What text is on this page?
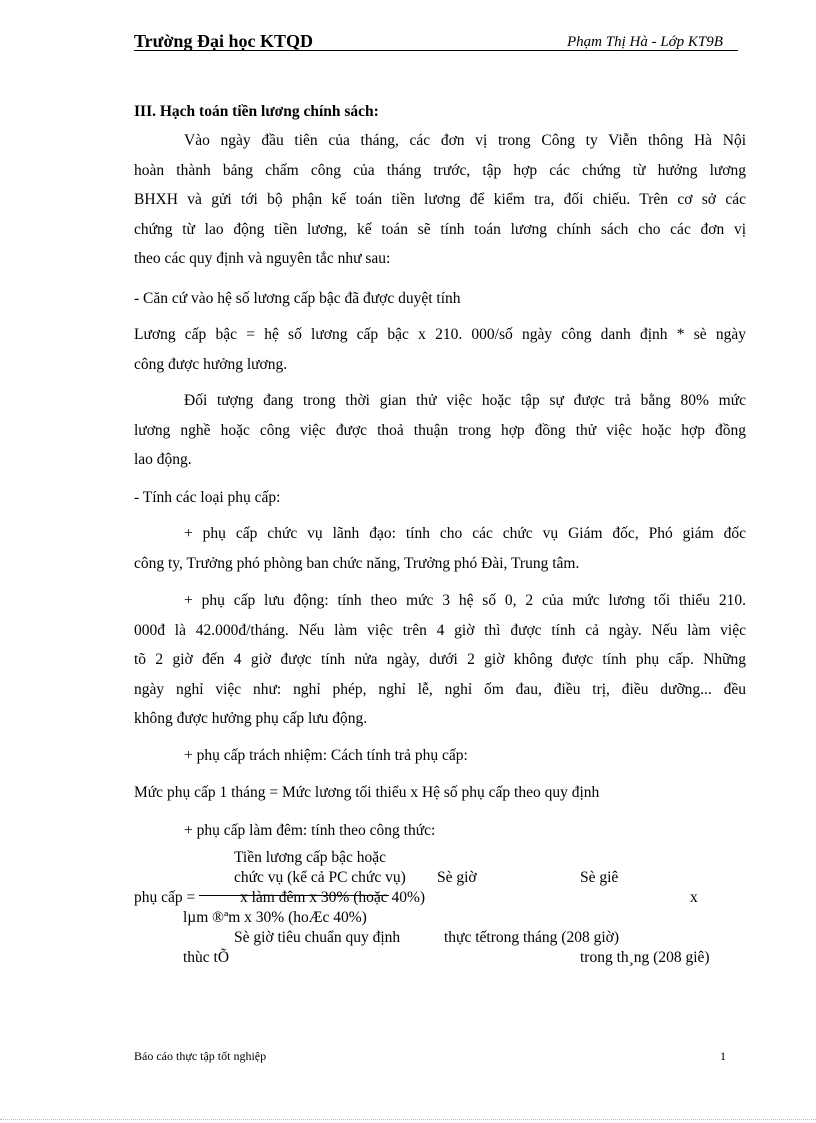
Trường Đại học KTQD	Phạm Thị Hà - Lớp KT9B
III. Hạch toán tiền lương chính sách:
Vào ngày đầu tiên của tháng, các đơn vị trong Công ty Viễn thông Hà Nội
hoàn thành bảng chấm công của tháng trước, tập hợp các chứng từ hưởng lương
BHXH và gửi tới bộ phận kế toán tiền lương để kiểm tra, đối chiếu. Trên cơ sở các
chứng từ lao động tiền lương, kế toán sẽ tính toán lương chính sách cho các đơn vị
theo các quy định và nguyên tắc như sau:
- Căn cứ vào hệ số lương cấp bậc đã được duyệt tính
Lương cấp bậc = hệ số lương cấp bậc x 210. 000/số ngày công danh định * sè ngày
công được hưởng lương.
Đối tượng đang trong thời gian thử việc hoặc tập sự được trả bằng 80% mức
lương nghề hoặc công việc được thoả thuận trong hợp đồng thử việc hoặc hợp đồng
lao động.
- Tính các loại phụ cấp:
+ phụ cấp chức vụ lãnh đạo: tính cho các chức vụ Giám đốc, Phó giám đốc
công ty, Trưởng phó phòng ban chức năng, Trưởng phó Đài, Trung tâm.
+ phụ cấp lưu động: tính theo mức 3 hệ số 0, 2 của mức lương tối thiểu 210.
000đ là 42.000đ/tháng. Nếu làm việc trên 4 giờ thì được tính cả ngày. Nếu làm việc
tõ 2 giờ đến 4 giờ được tính nửa ngày, dưới 2 giờ không được tính phụ cấp. Những
ngày nghỉ việc như: nghỉ phép, nghỉ lễ, nghỉ ốm đau, điều trị, điều dưỡng... đều
không được hưởng phụ cấp lưu động.
+ phụ cấp trách nhiệm: Cách tính trả phụ cấp:
Mức phụ cấp 1 tháng = Mức lương tối thiểu x Hệ số phụ cấp theo quy định
+ phụ cấp làm đêm: tính theo công thức:
Tiền lương cấp bậc hoặc
chức vụ (kể cả PC chức vụ) Sè giờ	Sè giê
phụ cấp =	x làm đêm x 30% (hoặc 40%)	x
lµm ®ªm x 30% (hoÆc 40%)
Sè giờ tiêu chuẩn quy định	thực tếtrong tháng (208 giờ)
thùc tÕ	trong th¸ng (208 giê)
Báo cáo thực tập tốt nghiệp	1
